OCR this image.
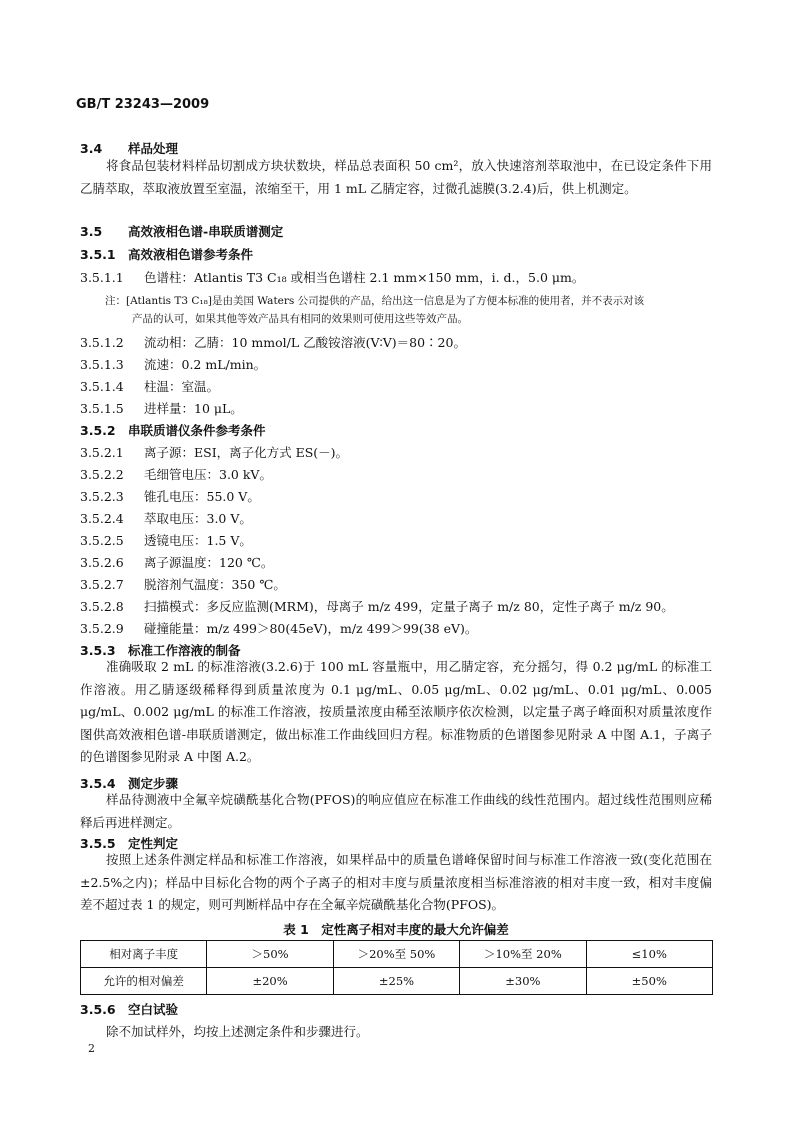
GB/T 23243—2009
3.4 样品处理
将食品包装材料样品切割成方块状数块，样品总表面积 50 cm²，放入快速溶剂萃取池中，在已设定条件下用乙腈萃取，萃取液放置至室温，浓缩至干，用 1 mL 乙腈定容，过微孔滤膜(3.2.4)后，供上机测定。
3.5 高效液相色谱-串联质谱测定
3.5.1 高效液相色谱参考条件
3.5.1.1 色谱柱：Atlantis T3 C₁₈ 或相当色谱柱 2.1 mm×150 mm，i. d.，5.0 μm。
注：[Atlantis T3 C₁₈]是由美国 Waters 公司提供的产品，给出这一信息是为了方便本标准的使用者，并不表示对该
产品的认可，如果其他等效产品具有相同的效果则可使用这些等效产品。
3.5.1.2 流动相：乙腈：10 mmol/L 乙酸铵溶液(V∶V)＝80∶20。
3.5.1.3 流速：0.2 mL/min。
3.5.1.4 柱温：室温。
3.5.1.5 进样量：10 μL。
3.5.2 串联质谱仪条件参考条件
3.5.2.1 离子源：ESI，离子化方式 ES(－)。
3.5.2.2 毛细管电压：3.0 kV。
3.5.2.3 锥孔电压：55.0 V。
3.5.2.4 萃取电压：3.0 V。
3.5.2.5 透镜电压：1.5 V。
3.5.2.6 离子源温度：120 ℃。
3.5.2.7 脱溶剂气温度：350 ℃。
3.5.2.8 扫描模式：多反应监测(MRM)，母离子 m/z 499，定量子离子 m/z 80，定性子离子 m/z 90。
3.5.2.9 碰撞能量：m/z 499＞80(45eV)，m/z 499＞99(38 eV)。
3.5.3 标准工作溶液的制备
准确吸取 2 mL 的标准溶液(3.2.6)于 100 mL 容量瓶中，用乙腈定容，充分摇匀，得 0.2 μg/mL 的标准工作溶液。用乙腈逐级稀释得到质量浓度为 0.1 μg/mL、0.05 μg/mL、0.02 μg/mL、0.01 μg/mL、0.005 μg/mL、0.002 μg/mL 的标准工作溶液，按质量浓度由稀至浓顺序依次检测，以定量子离子峰面积对质量浓度作图供高效液相色谱-串联质谱测定，做出标准工作曲线回归方程。标准物质的色谱图参见附录 A 中图 A.1，子离子的色谱图参见附录 A 中图 A.2。
3.5.4 测定步骤
样品待测液中全氟辛烷磺酰基化合物(PFOS)的响应值应在标准工作曲线的线性范围内。超过线性范围则应稀释后再进样测定。
3.5.5 定性判定
按照上述条件测定样品和标准工作溶液，如果样品中的质量色谱峰保留时间与标准工作溶液一致(变化范围在±2.5%之内)；样品中目标化合物的两个子离子的相对丰度与质量浓度相当标准溶液的相对丰度一致，相对丰度偏差不超过表 1 的规定，则可判断样品中存在全氟辛烷磺酰基化合物(PFOS)。
表 1　定性离子相对丰度的最大允许偏差
相对离子丰度	＞50%	＞20%至 50%	＞10%至 20%	≤10%
允许的相对偏差	±20%	±25%	±30%	±50%
3.5.6 空白试验
除不加试样外，均按上述测定条件和步骤进行。
2
